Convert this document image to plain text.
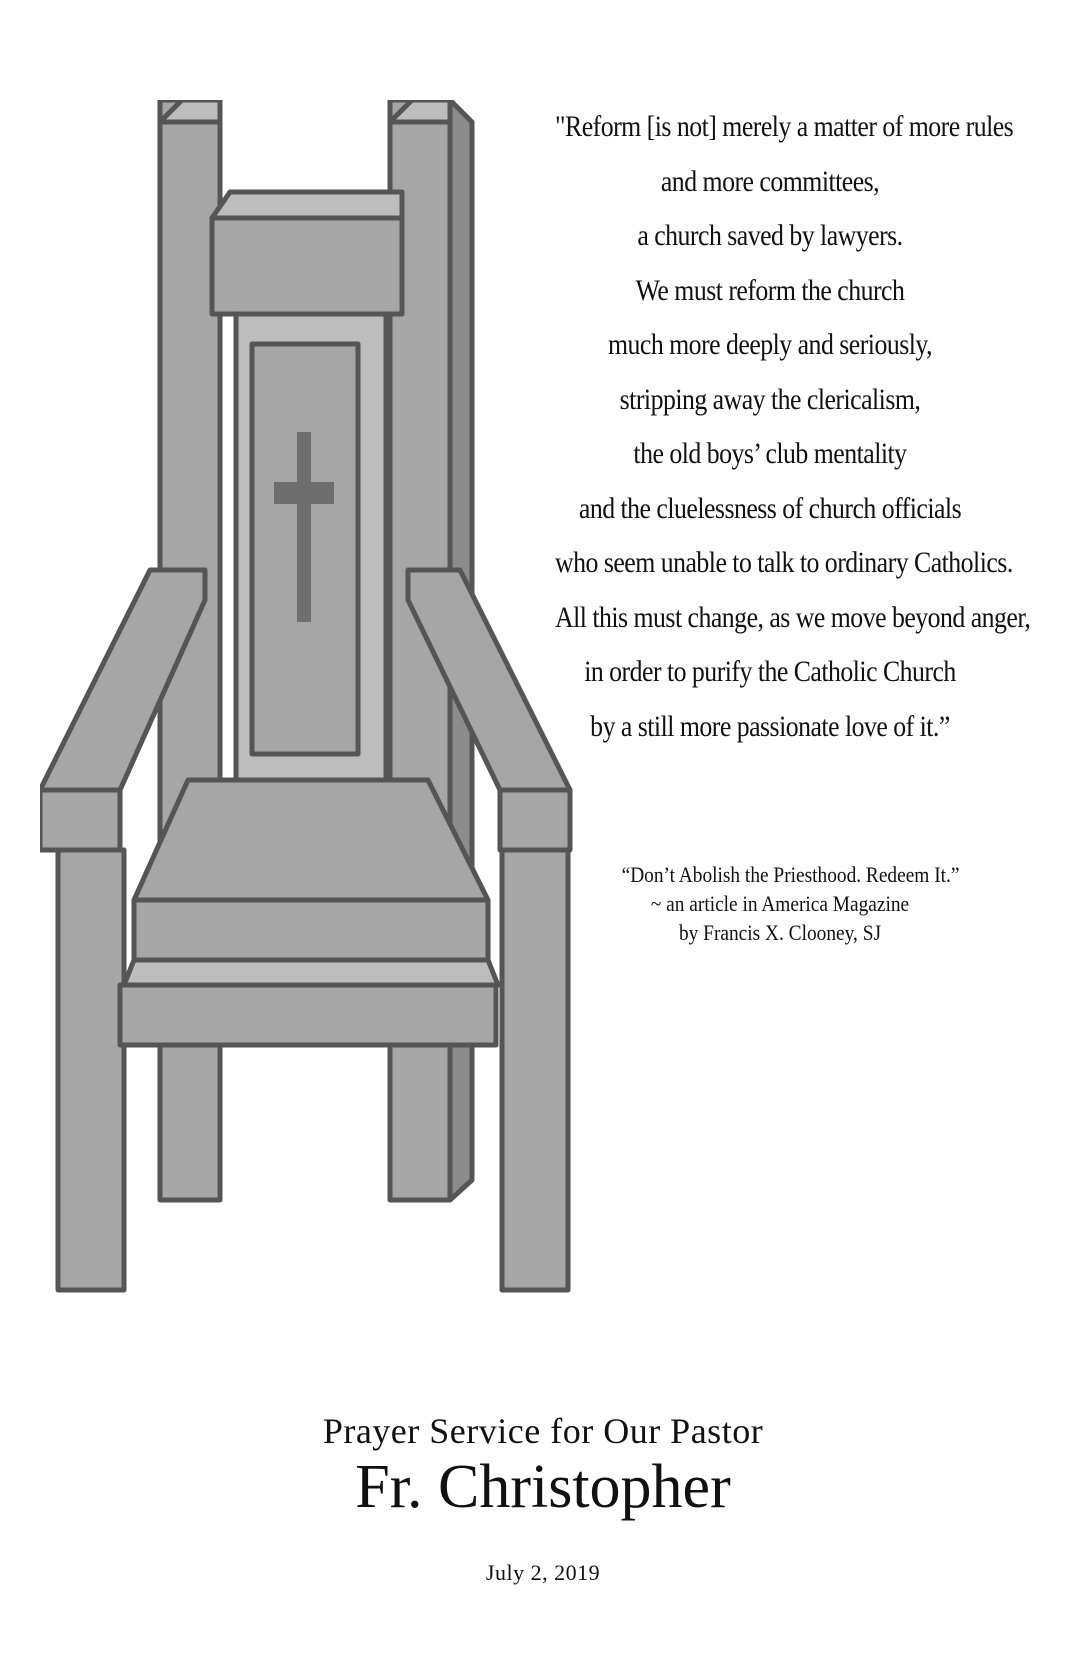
"Reform [is not] merely a matter of more rules
and more committees,
a church saved by lawyers.
We must reform the church
much more deeply and seriously,
stripping away the clericalism,
the old boys’ club mentality
and the cluelessness of church officials
who seem unable to talk to ordinary Catholics.
All this must change, as we move beyond anger,
in order to purify the Catholic Church
by a still more passionate love of it.”
“Don’t Abolish the Priesthood. Redeem It.”
~ an article in America Magazine
by Francis X. Clooney, SJ
Prayer Service for Our Pastor
Fr. Christopher
July 2, 2019
